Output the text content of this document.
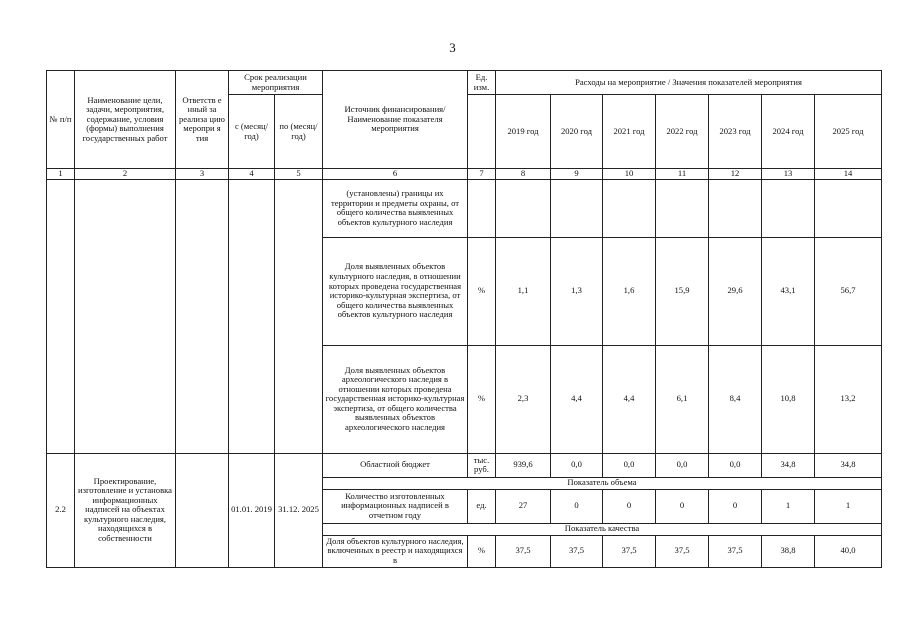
3
№ п/п	Наименование цели, задачи, мероприятия, содержание, условия (формы) выполнения государственных работ	Ответств е нный за реализа цию меропри я тия	Срок реализации мероприятия		Источник финансирования/ Наименование показателя мероприятия	Ед. изм.	Расходы на мероприятие / Значения показателей мероприятия						
			с (месяц/ год)	по (месяц/ год)			2019 год	2020 год	2021 год	2022 год	2023 год	2024 год	2025 год
1	2	3	4	5	6	7	8	9	10	11	12	13	14
					(установлены) границы их территории и предметы охраны, от общего количества выявленных объектов культурного наследия								
					Доля выявленных объектов культурного наследия, в отношении которых проведена государственная историко-культурная экспертиза, от общего количества выявленных объектов культурного наследия	%	1,1	1,3	1,6	15,9	29,6	43,1	56,7
					Доля выявленных объектов археологического наследия в отношении которых проведена государственная историко-культурная экспертиза, от общего количества выявленных объектов археологического наследия	%	2,3	4,4	4,4	6,1	8,4	10,8	13,2
2.2	Проектирование, изготовление и установка информационных надписей на объектах культурного наследия, находящихся в собственности		01.01. 2019	31.12. 2025	Областной бюджет	тыс. руб.	939,6	0,0	0,0	0,0	0,0	34,8	34,8
					Показатель объема								
					Количество изготовленных информационных надписей в отчетном году	ед.	27	0	0	0	0	1	1
					Показатель качества								
					Доля объектов культурного наследия, включенных в реестр и находящихся в	%	37,5	37,5	37,5	37,5	37,5	38,8	40,0
